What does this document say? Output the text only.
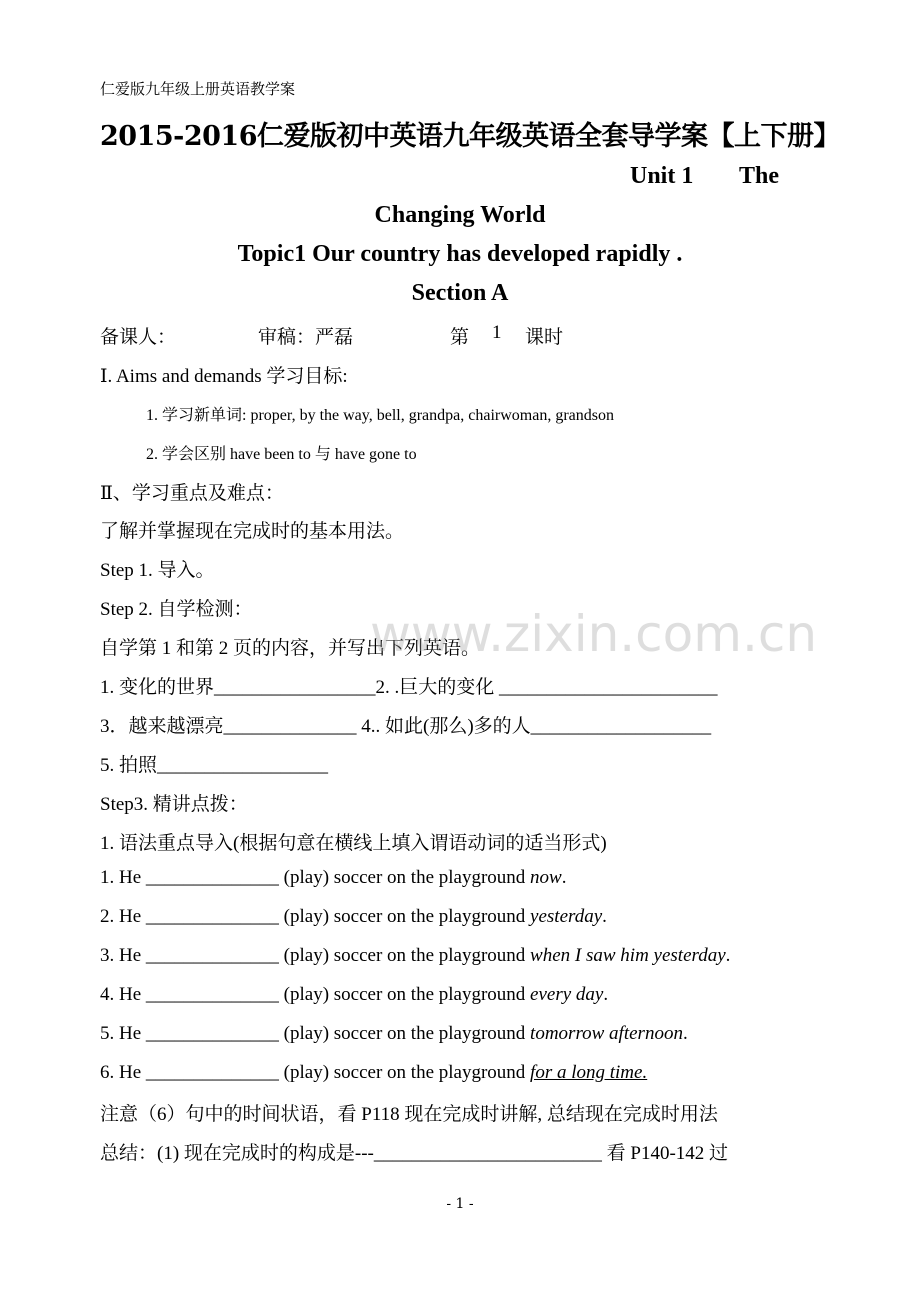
仁爱版九年级上册英语教学案
2015-2016仁爱版初中英语九年级英语全套导学案【上下册】
Unit 1 The
Changing World
Topic1 Our country has developed rapidly .
Section A
备课人：	审稿：严磊	第 1 课时
Ⅰ. Aims and demands 学习目标:
1. 学习新单词: proper, by the way, bell, grandpa, chairwoman, grandson
2. 学会区别 have been to 与 have gone to
Ⅱ、学习重点及难点：
了解并掌握现在完成时的基本用法。
Step 1. 导入。
Step 2. 自学检测：
自学第 1 和第 2 页的内容，并写出下列英语。
1. 变化的世界_________________2. .巨大的变化 _______________________
3．越来越漂亮______________ 4.. 如此(那么)多的人___________________
5. 拍照__________________
Step3. 精讲点拨：
1. 语法重点导入(根据句意在横线上填入谓语动词的适当形式)
1. He ______________ (play) soccer on the playground now.
2. He ______________ (play) soccer on the playground yesterday.
3. He ______________ (play) soccer on the playground when I saw him yesterday.
4. He ______________ (play) soccer on the playground every day.
5. He ______________ (play) soccer on the playground tomorrow afternoon.
6. He ______________ (play) soccer on the playground for a long time.
注意（6）句中的时间状语，看 P118 现在完成时讲解, 总结现在完成时用法
总结：(1) 现在完成时的构成是---________________________ 看 P140-142 过
www.zixin.com.cn
- 1 -
